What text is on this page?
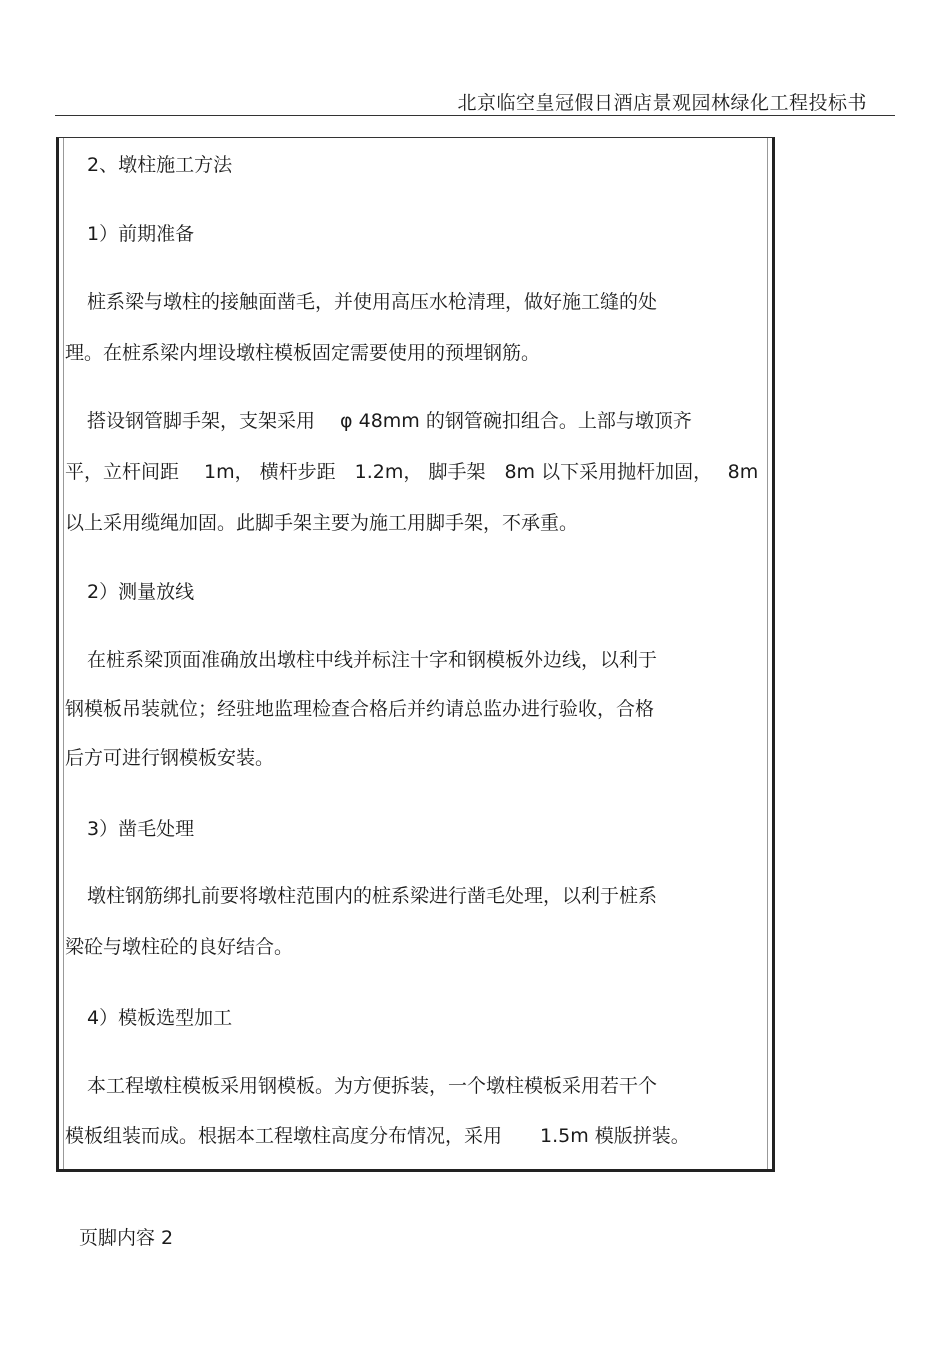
北京临空皇冠假日酒店景观园林绿化工程投标书
2、墩柱施工方法
1）前期准备
桩系梁与墩柱的接触面凿毛，并使用高压水枪清理，做好施工缝的处
理。在桩系梁内埋设墩柱模板固定需要使用的预埋钢筋。
搭设钢管脚手架，支架采用 　φ 48mm 的钢管碗扣组合。上部与墩顶齐
平，立杆间距 　1m， 横杆步距　1.2m， 脚手架　8m 以下采用抛杆加固，　 8m
以上采用缆绳加固。此脚手架主要为施工用脚手架，不承重。
2）测量放线
在桩系梁顶面准确放出墩柱中线并标注十字和钢模板外边线，以利于
钢模板吊装就位；经驻地监理检查合格后并约请总监办进行验收，合格
后方可进行钢模板安装。
3）凿毛处理
墩柱钢筋绑扎前要将墩柱范围内的桩系梁进行凿毛处理，以利于桩系
梁砼与墩柱砼的良好结合。
4）模板选型加工
本工程墩柱模板采用钢模板。为方便拆装，一个墩柱模板采用若干个
模板组装而成。根据本工程墩柱高度分布情况，采用　　1.5m 模版拼装。
页脚内容 2
